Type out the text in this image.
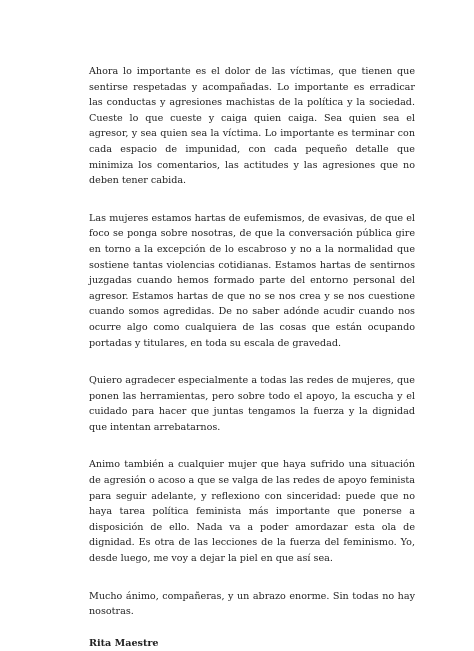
Ahora lo importante es el dolor de las víctimas, que tienen que sentirse respetadas y acompañadas. Lo importante es erradicar las conductas y agresiones machistas de la política y la sociedad. Cueste lo que cueste y caiga quien caiga. Sea quien sea el agresor, y sea quien sea la víctima. Lo importante es terminar con cada espacio de impunidad, con cada pequeño detalle que minimiza los comentarios, las actitudes y las agresiones que no deben tener cabida.

Las mujeres estamos hartas de eufemismos, de evasivas, de que el foco se ponga sobre nosotras, de que la conversación pública gire en torno a la excepción de lo escabroso y no a la normalidad que sostiene tantas violencias cotidianas. Estamos hartas de sentirnos juzgadas cuando hemos formado parte del entorno personal del agresor. Estamos hartas de que no se nos crea y se nos cuestione cuando somos agredidas. De no saber adónde acudir cuando nos ocurre algo como cualquiera de las cosas que están ocupando portadas y titulares, en toda su escala de gravedad.

Quiero agradecer especialmente a todas las redes de mujeres, que ponen las herramientas, pero sobre todo el apoyo, la escucha y el cuidado para hacer que juntas tengamos la fuerza y la dignidad que intentan arrebatarnos.

Animo también a cualquier mujer que haya sufrido una situación de agresión o acoso a que se valga de las redes de apoyo feminista para seguir adelante, y reflexiono con sinceridad: puede que no haya tarea política feminista más importante que ponerse a disposición de ello. Nada va a poder amordazar esta ola de dignidad. Es otra de las lecciones de la fuerza del feminismo. Yo, desde luego, me voy a dejar la piel en que así sea.

Mucho ánimo, compañeras, y un abrazo enorme. Sin todas no hay nosotras.

Rita Maestre
